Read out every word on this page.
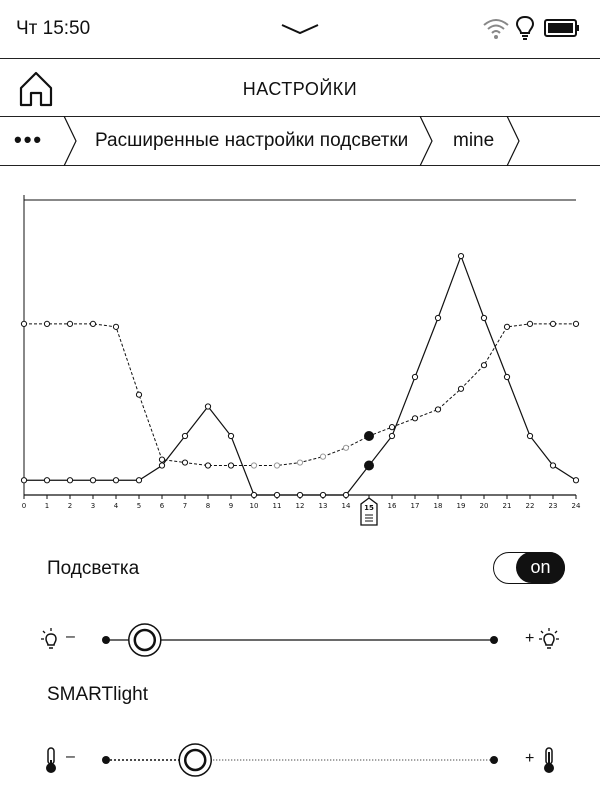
Чт 15:50
НАСТРОЙКИ
•••	Расширенные настройки подсветки mine
0	1	2	3	4	5	6	7	8	9 10 11 12 13 14	16 17 18 19 20 21 22 23 24
15
Подсветка	on
–	+
SMARTlight
–	+
